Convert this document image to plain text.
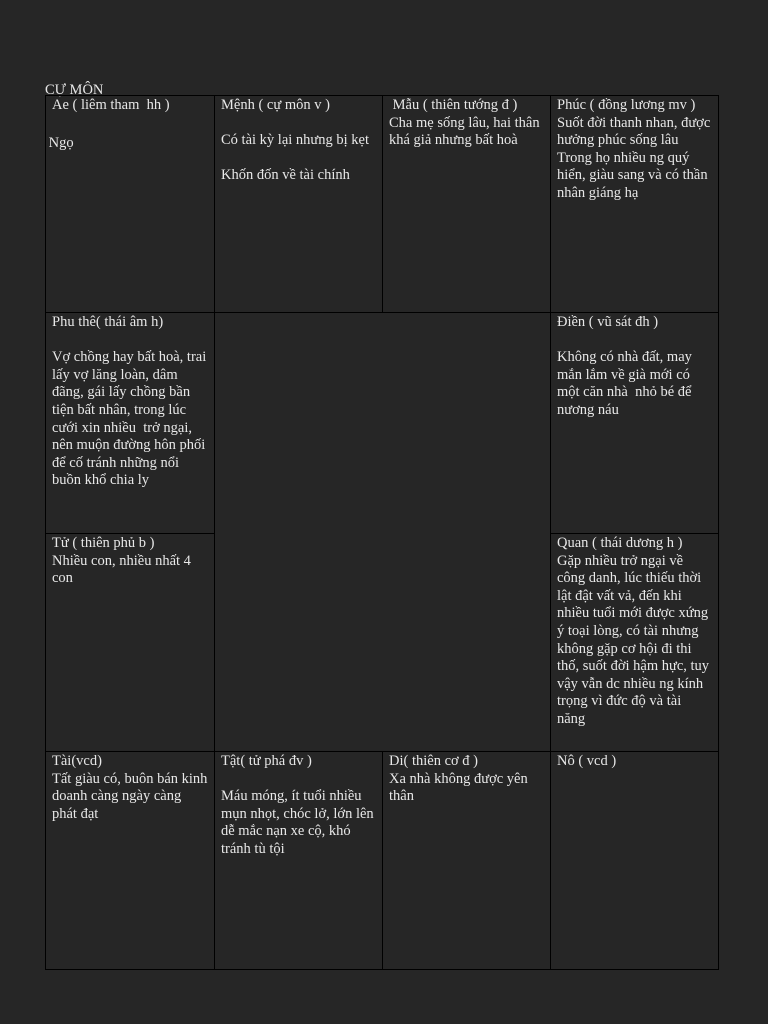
CỰ MÔN

Ngọ

Ae ( liêm tham  hh )	Mệnh ( cự môn v )

Có tài kỳ lại nhưng bị kẹt

Khốn đốn về tài chính
Mẫu ( thiên tướng đ )
Cha mẹ sống lâu, hai thân khá giả nhưng bất hoà
Phúc ( đồng lương mv )
Suốt đời thanh nhan, được hưởng phúc sống lâu
Trong họ nhiều ng quý hiển, giàu sang và có thần nhân giáng hạ
Phu thê( thái âm h)

Vợ chồng hay bất hoà, trai lấy vợ lăng loàn, dâm đãng, gái lấy chồng bần tiện bất nhân, trong lúc cưới xin nhiều  trở ngại, nên muộn đường hôn phối để cố tránh những nổi buồn khổ chia ly
Điền ( vũ sát đh )

Không có nhà đất, may mắn lắm về già mới có một căn nhà  nhỏ bé để nương náu
Tử ( thiên phủ b )
Nhiều con, nhiều nhất 4 con
Quan ( thái dương h )
Gặp nhiều trở ngại về công danh, lúc thiếu thời lật đật vất vả, đến khi nhiều tuổi mới được xứng ý toại lòng, có tài nhưng không gặp cơ hội đi thi thố, suốt đời hậm hực, tuy vậy vẫn dc nhiều ng kính trọng vì đức độ và tài năng
Tài(vcd)
Tất giàu có, buôn bán kinh doanh càng ngày càng phát đạt
Tật( tử phá đv )

Máu móng, ít tuổi nhiều mụn nhọt, chóc lở, lớn lên dễ mắc nạn xe cộ, khó tránh tù tội
Di( thiên cơ đ )
Xa nhà không được yên thân
Nô ( vcd )
